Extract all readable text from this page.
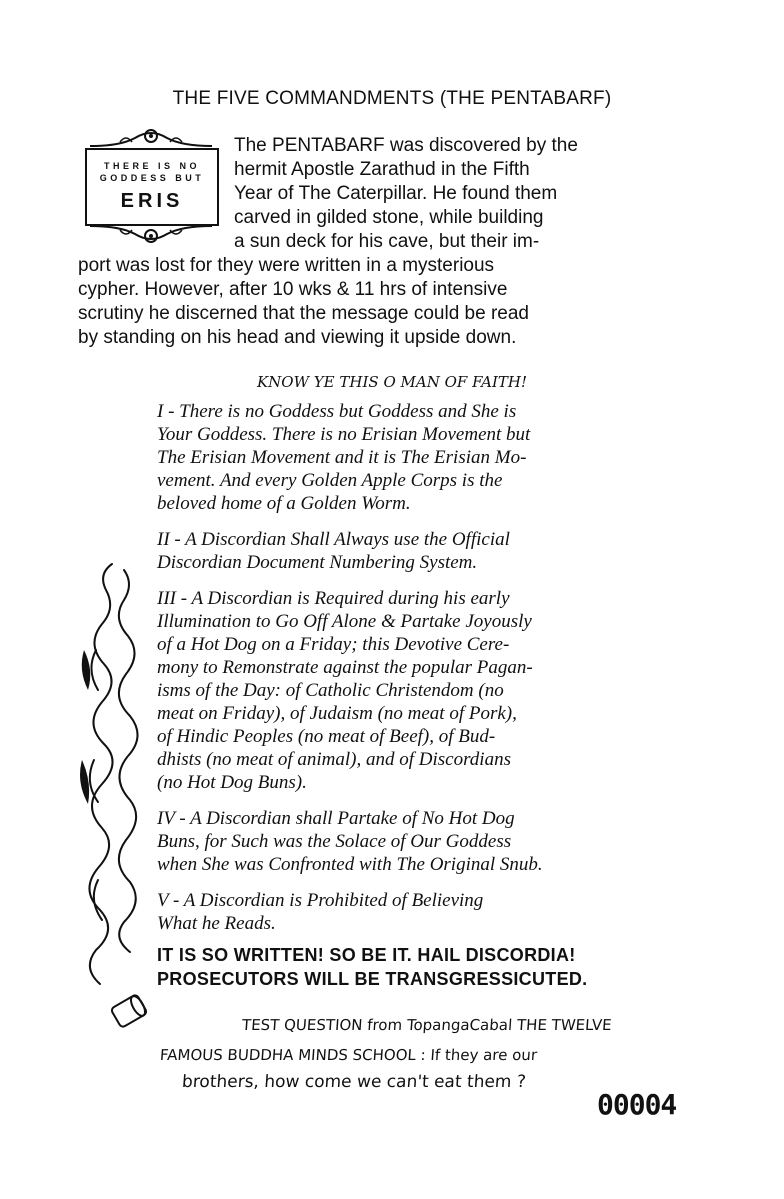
THE FIVE COMMANDMENTS (THE PENTABARF)
THERE IS NO
GODDESS BUT
ERIS
The PENTABARF was discovered by the
hermit Apostle Zarathud in the Fifth
Year of The Caterpillar. He found them
carved in gilded stone, while building
a sun deck for his cave, but their im-
port was lost for they were written in a mysterious
cypher. However, after 10 wks & 11 hrs of intensive
scrutiny he discerned that the message could be read
by standing on his head and viewing it upside down.
KNOW YE THIS O MAN OF FAITH!
I - There is no Goddess but Goddess and She is
Your Goddess. There is no Erisian Movement but
The Erisian Movement and it is The Erisian Mo-
vement. And every Golden Apple Corps is the
beloved home of a Golden Worm.
II - A Discordian Shall Always use the Official
Discordian Document Numbering System.
III - A Discordian is Required during his early
Illumination to Go Off Alone & Partake Joyously
of a Hot Dog on a Friday; this Devotive Cere-
mony to Remonstrate against the popular Pagan-
isms of the Day: of Catholic Christendom (no
meat on Friday), of Judaism (no meat of Pork),
of Hindic Peoples (no meat of Beef), of Bud-
dhists (no meat of animal), and of Discordians
(no Hot Dog Buns).
IV - A Discordian shall Partake of No Hot Dog
Buns, for Such was the Solace of Our Goddess
when She was Confronted with The Original Snub.
V - A Discordian is Prohibited of Believing
What he Reads.
IT IS SO WRITTEN! SO BE IT. HAIL DISCORDIA!
PROSECUTORS WILL BE TRANSGRESSICUTED.
TEST QUESTION from TopangaCabal THE TWELVE
FAMOUS BUDDHA MINDS SCHOOL : If they are our
brothers, how come we can't eat them ?
00004
